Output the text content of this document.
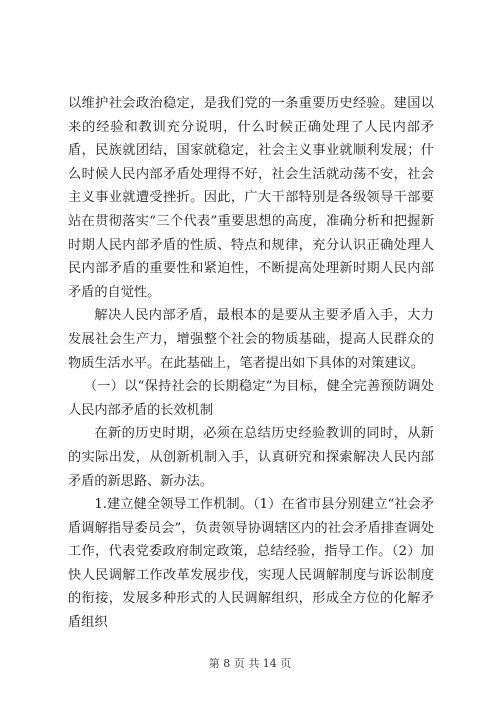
以维护社会政治稳定，是我们党的一条重要历史经验。建国以来的经验和教训充分说明，什么时候正确处理了人民内部矛盾，民族就团结，国家就稳定，社会主义事业就顺利发展；什么时候人民内部矛盾处理得不好，社会生活就动荡不安，社会主义事业就遭受挫折。因此，广大干部特别是各级领导干部要站在贯彻落实“三个代表”重要思想的高度，准确分析和把握新时期人民内部矛盾的性质、特点和规律，充分认识正确处理人民内部矛盾的重要性和紧迫性，不断提高处理新时期人民内部矛盾的自觉性。

解决人民内部矛盾，最根本的是要从主要矛盾入手，大力发展社会生产力，增强整个社会的物质基础，提高人民群众的物质生活水平。在此基础上，笔者提出如下具体的对策建议。

（一）以“保持社会的长期稳定”为目标，健全完善预防调处人民内部矛盾的长效机制

在新的历史时期，必须在总结历史经验教训的同时，从新的实际出发，从创新机制入手，认真研究和探索解决人民内部矛盾的新思路、新办法。

1.建立健全领导工作机制。（1）在省市县分别建立“社会矛盾调解指导委员会”，负责领导协调辖区内的社会矛盾排查调处工作，代表党委政府制定政策，总结经验，指导工作。（2）加快人民调解工作改革发展步伐，实现人民调解制度与诉讼制度的衔接，发展多种形式的人民调解组织，形成全方位的化解矛盾组织

第 8 页 共 14 页
